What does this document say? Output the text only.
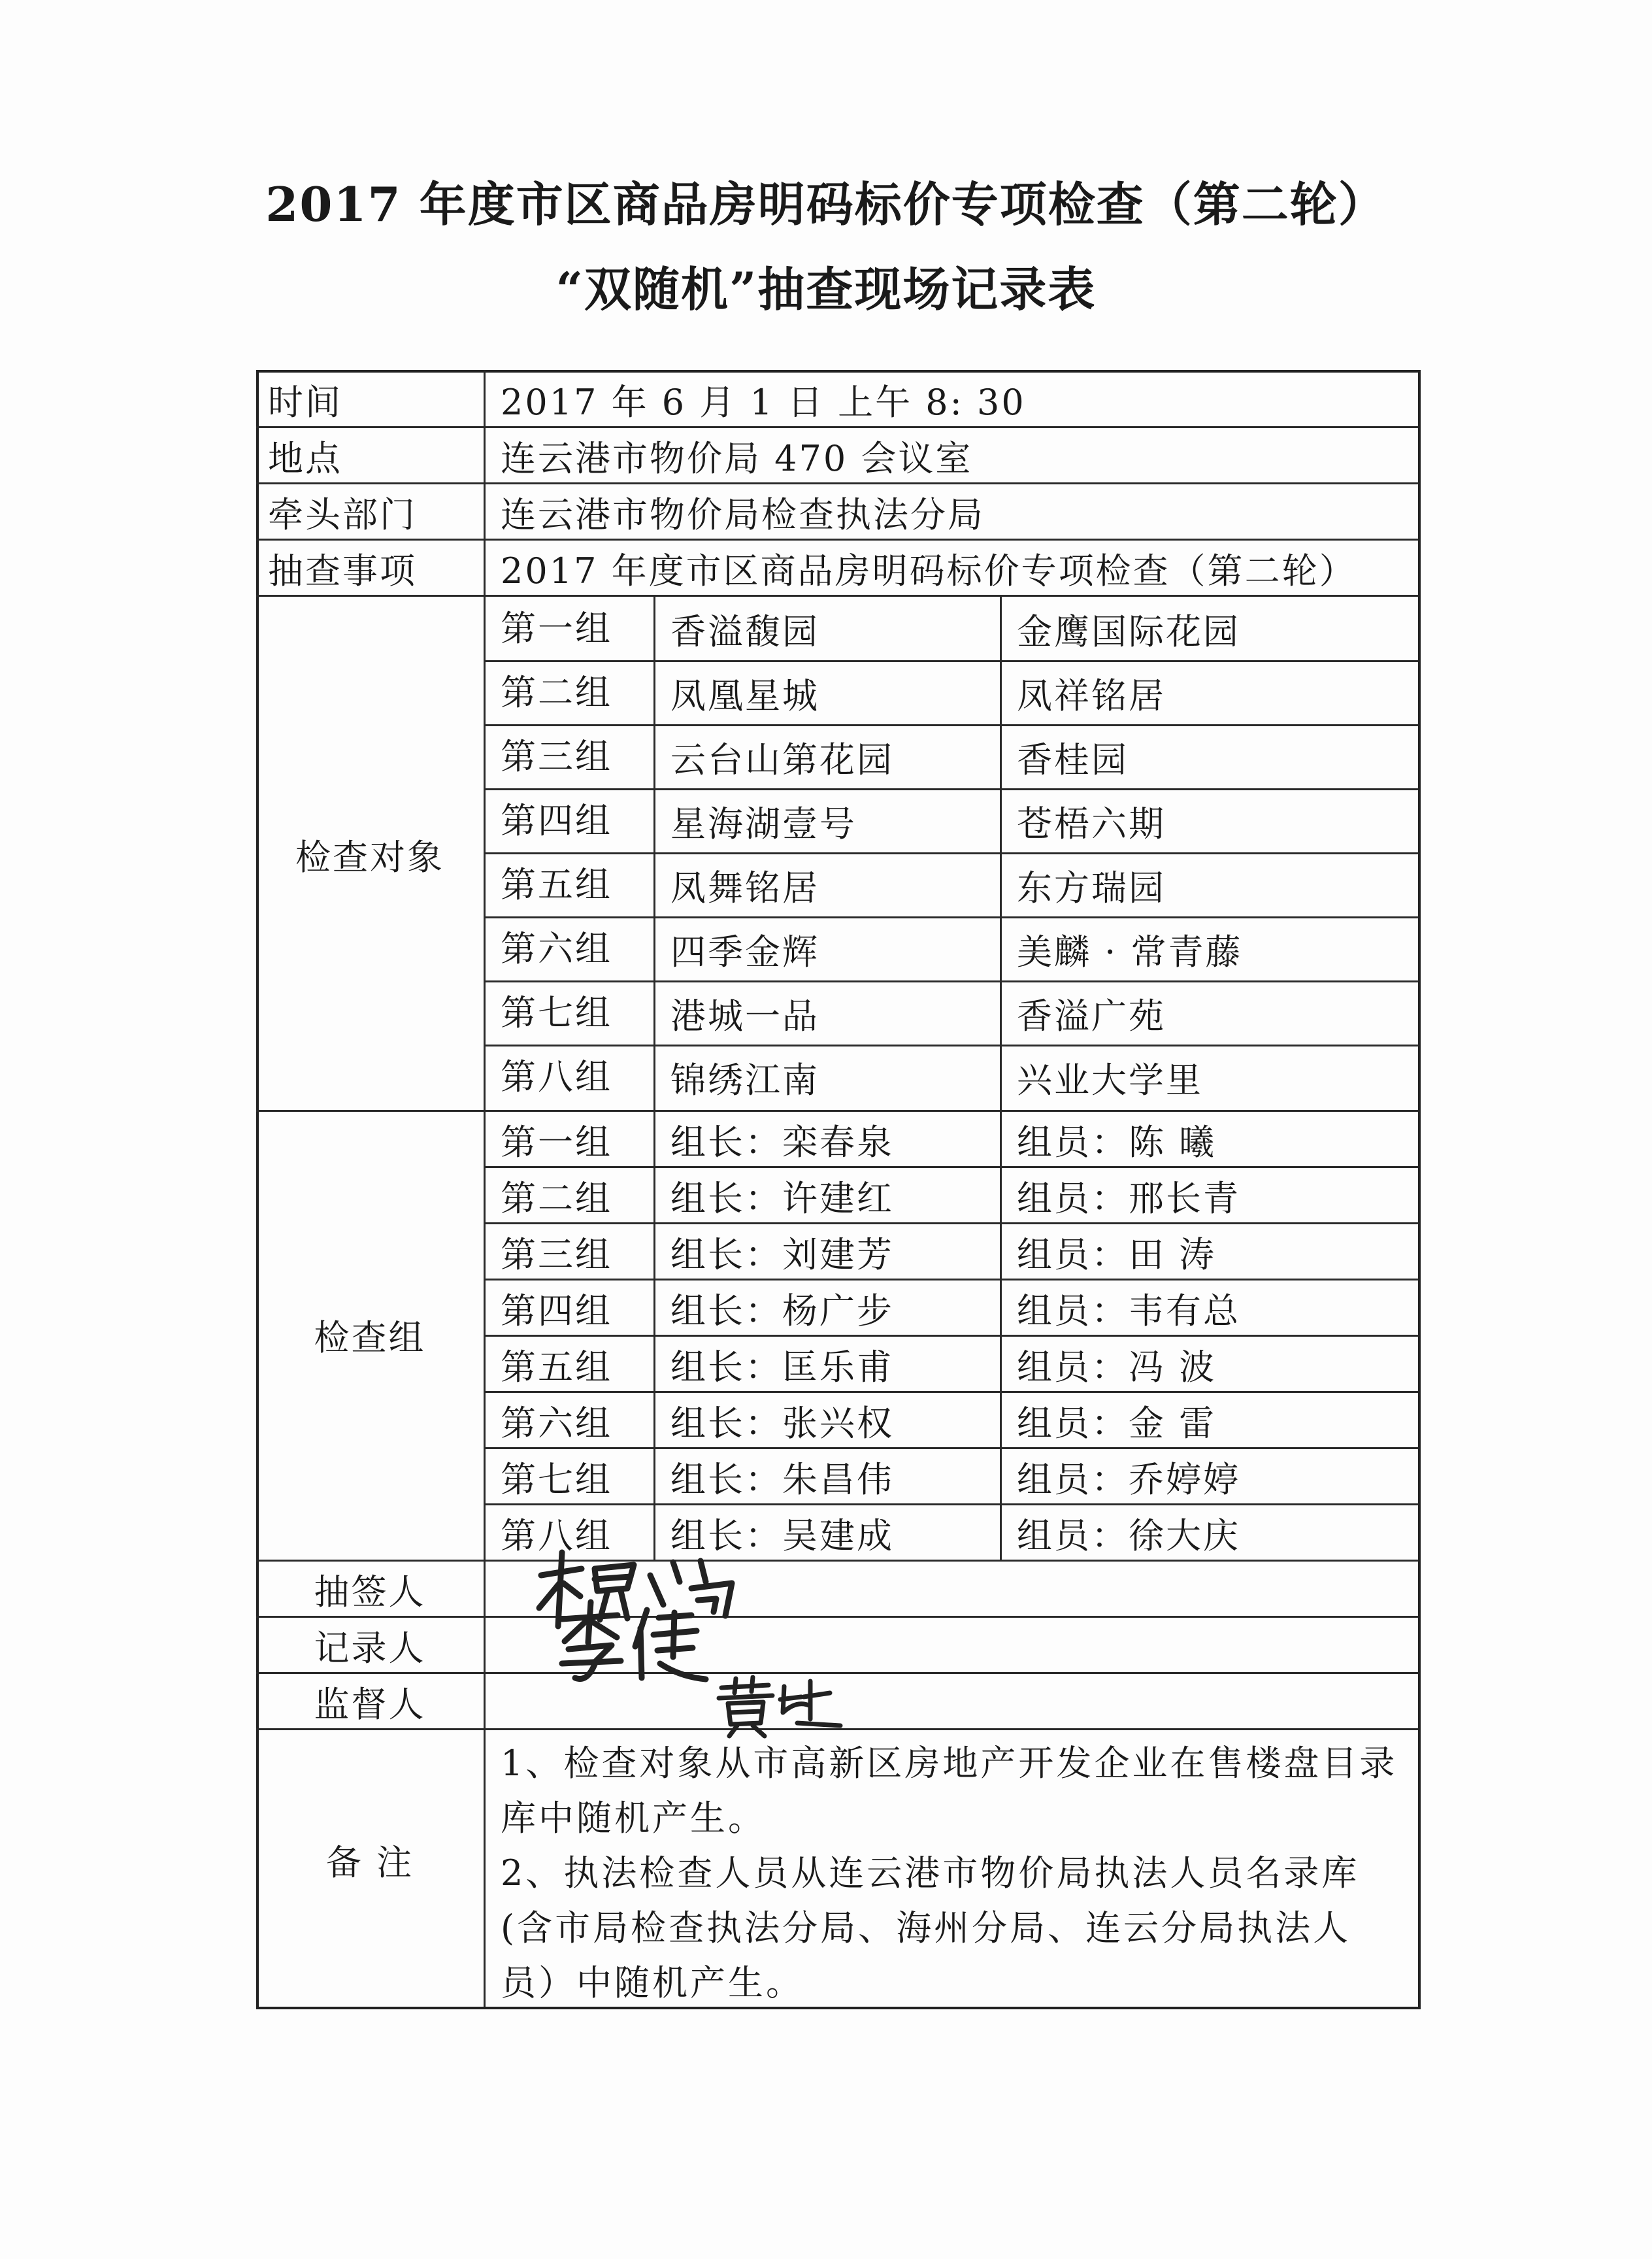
2017 年度市区商品房明码标价专项检查（第二轮）
“双随机”抽查现场记录表
时间	2017 年 6 月 1 日 上午 8: 30
地点	连云港市物价局 470 会议室
牵头部门 连云港市物价局检查执法分局
抽查事项 2017 年度市区商品房明码标价专项检查（第二轮）
检查对象
第一组 香溢馥园	金鹰国际花园
第二组 凤凰星城	凤祥铭居
第三组 云台山第花园	香桂园
第四组 星海湖壹号	苍梧六期
第五组 凤舞铭居	东方瑞园
第六组 四季金辉	美麟 · 常青藤
第七组 港城一品	香溢广苑
第八组 锦绣江南	兴业大学里
检查组
第一组 组长：栾春泉	组员：陈 曦
第二组 组长：许建红	组员：邢长青
第三组 组长：刘建芳	组员：田 涛
第四组 组长：杨广步	组员：韦有总
第五组 组长：匡乐甫	组员：冯 波
第六组 组长：张兴权	组员：金 雷
第七组 组长：朱昌伟	组员：乔婷婷
第八组 组长：吴建成	组员：徐大庆
抽签人
记录人
监督人
备 注
1、检查对象从市高新区房地产开发企业在售楼盘目录库中随机产生。
2、执法检查人员从连云港市物价局执法人员名录库(含市局检查执法分局、海州分局、连云分局执法人员）中随机产生。
